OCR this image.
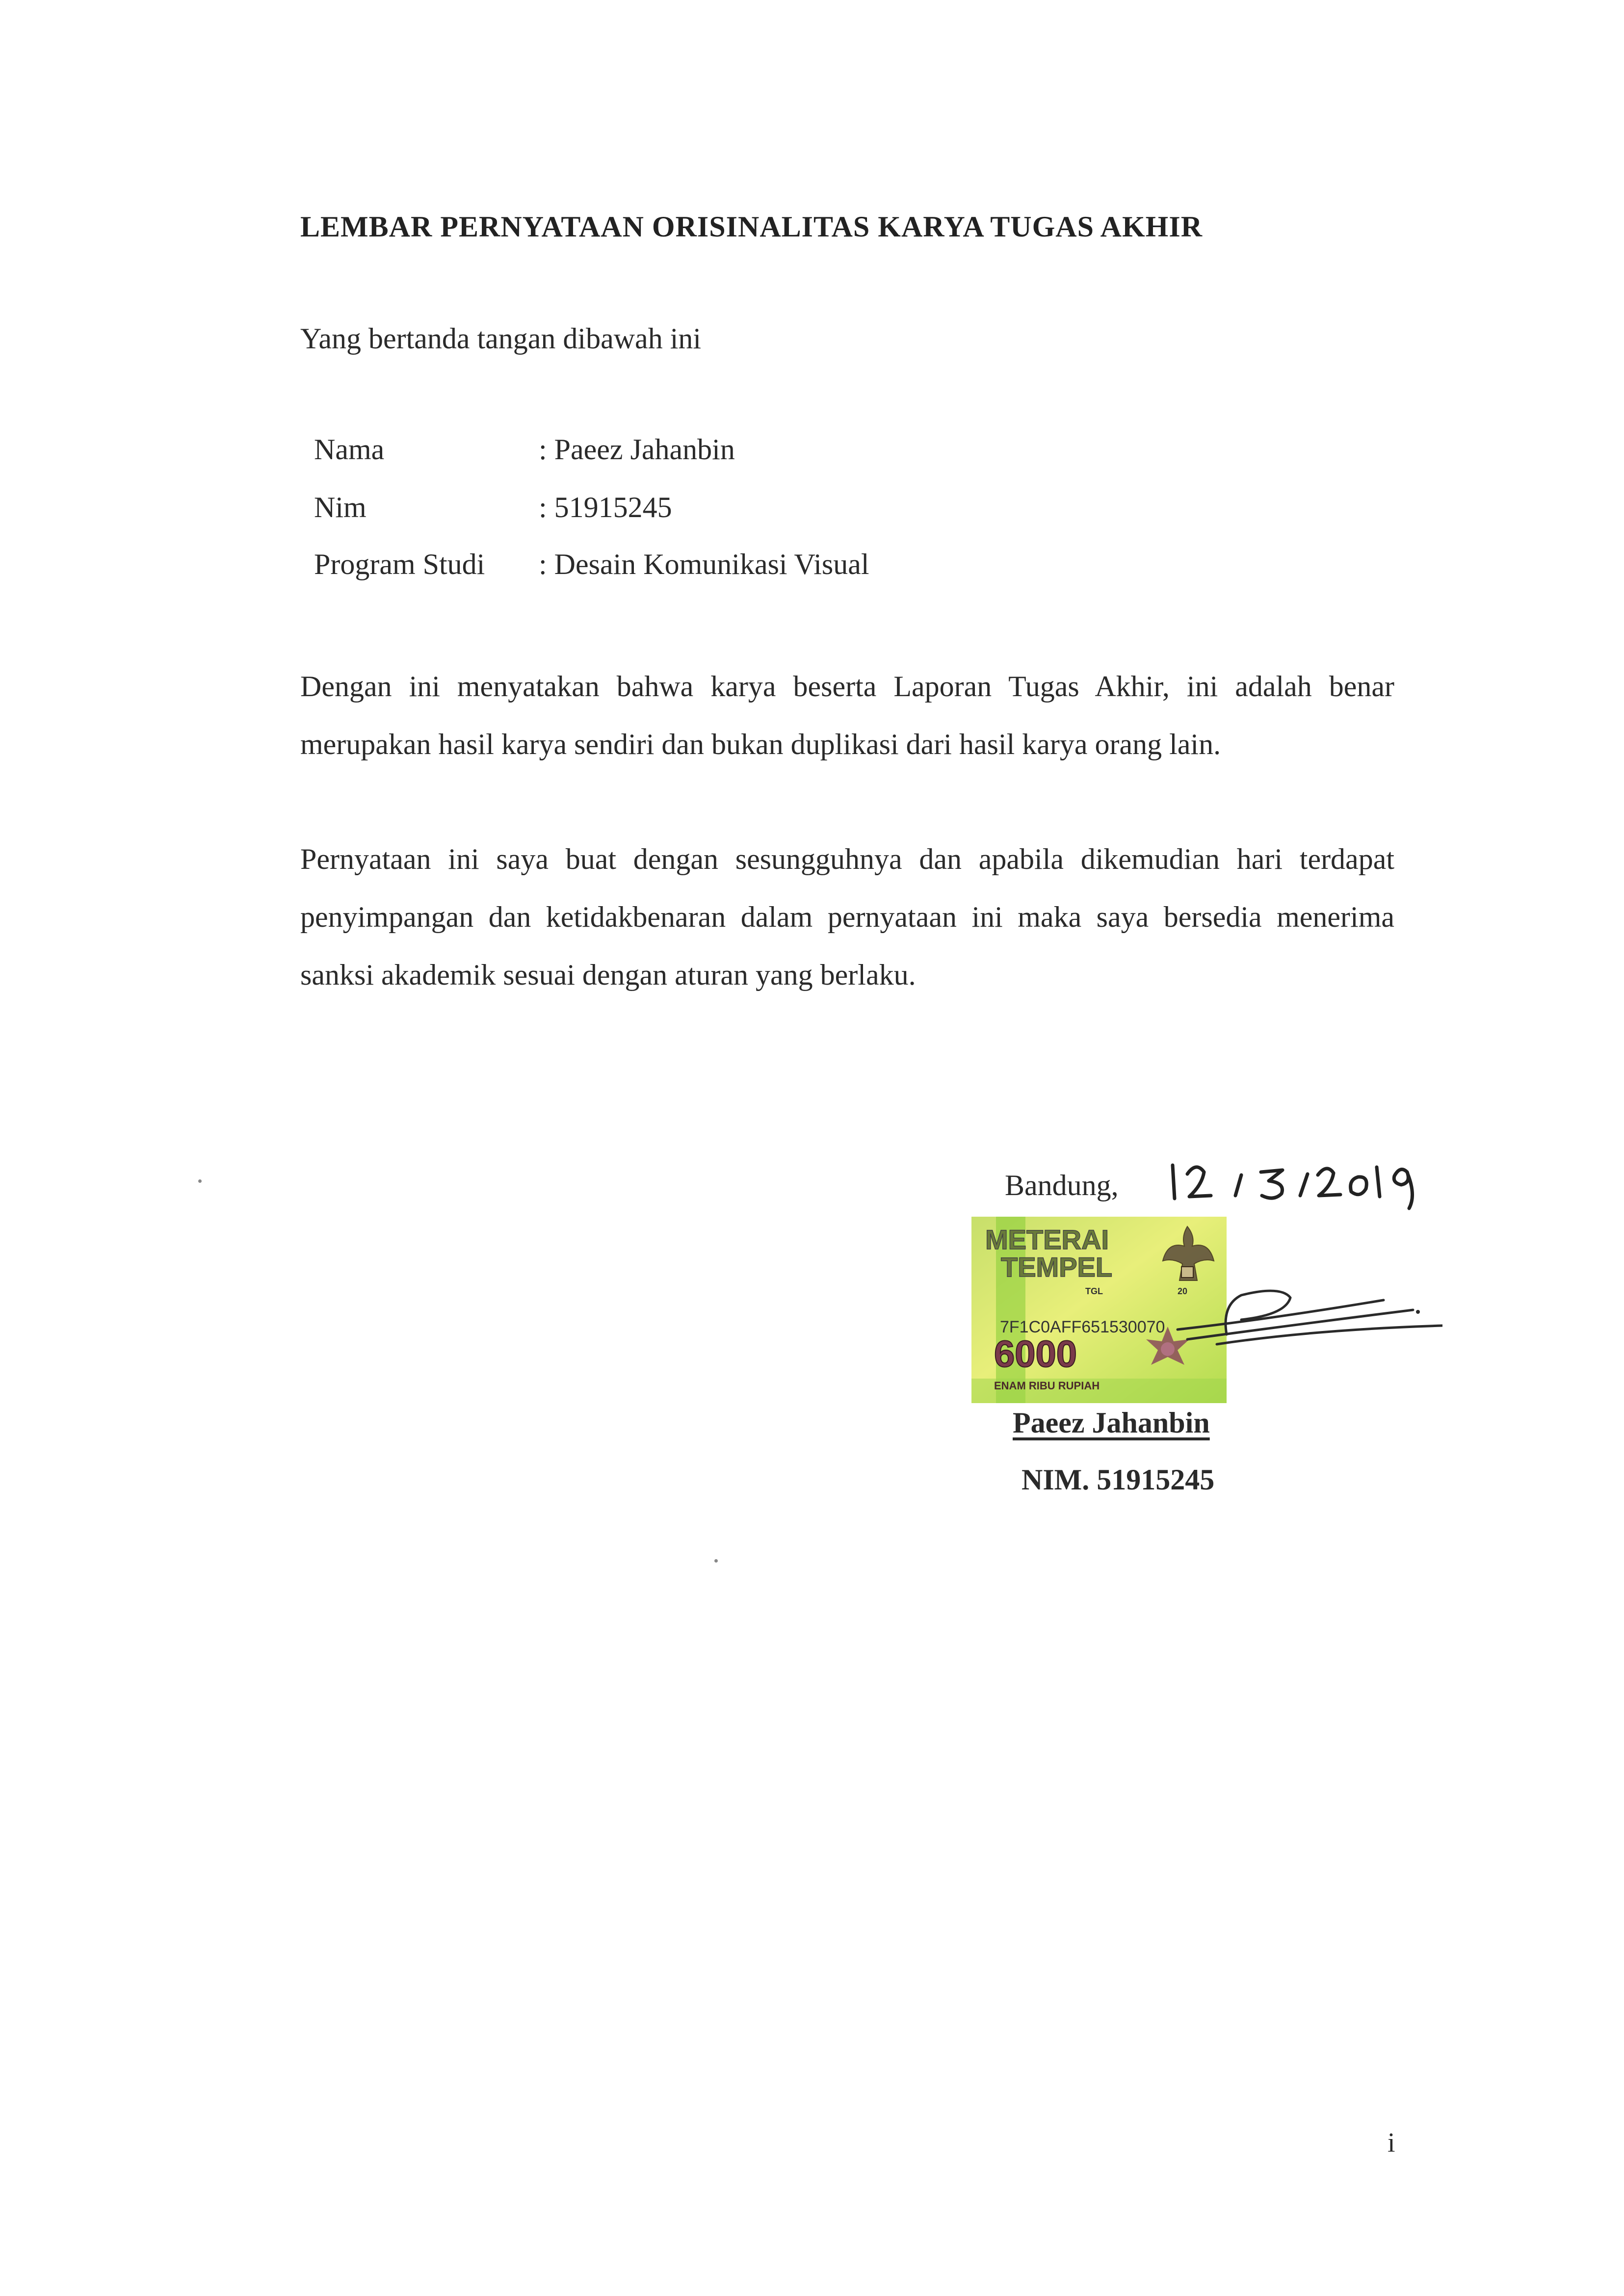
LEMBAR PERNYATAAN ORISINALITAS KARYA TUGAS AKHIR
Yang bertanda tangan dibawah ini
Nama	: Paeez Jahanbin
Nim	: 51915245
Program Studi : Desain Komunikasi Visual
Dengan ini menyatakan bahwa karya beserta Laporan Tugas Akhir, ini adalah benar merupakan hasil karya sendiri dan bukan duplikasi dari hasil karya orang lain.
Pernyataan ini saya buat dengan sesungguhnya dan apabila dikemudian hari terdapat penyimpangan dan ketidakbenaran dalam pernyataan ini maka saya bersedia menerima sanksi akademik sesuai dengan aturan yang berlaku.
Bandung,
METERAI
TEMPEL
TGL	20
7F1C0AFF651530070
6000
ENAM RIBU RUPIAH
Paeez Jahanbin
NIM. 51915245
i
